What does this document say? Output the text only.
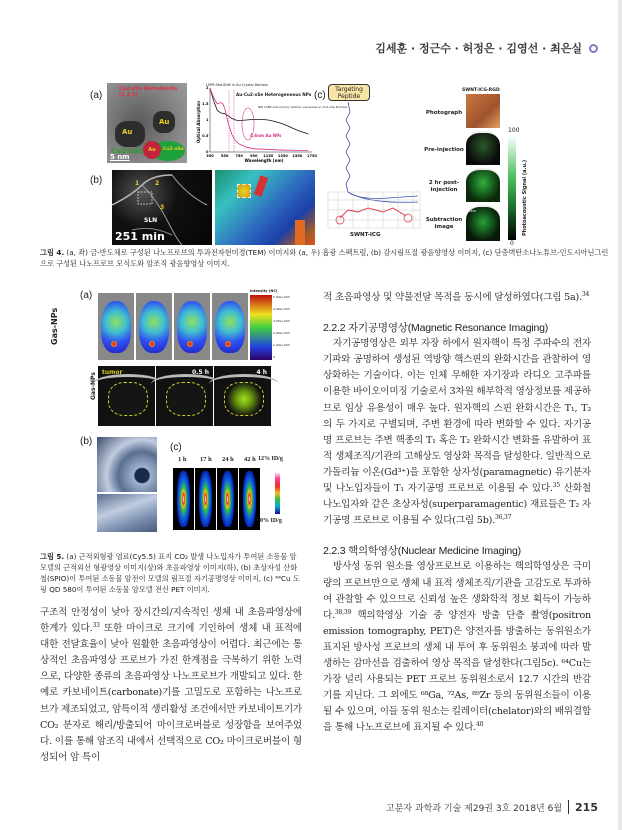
김세훈 · 정근수 · 허정은 · 김영선 · 최은실
(a)
Cu2-xSe Berzelianite [1,1,1]
Au
Au
Cu2-xSe	Au	Cu2-xSe
5 nm	350 550 750 950 1150 1350 1550 1750
0
0.5
1
1.5
2
LSPR Red-Shift in Au Crystal Domain
Au-Cu2-xSe Heterogeneous NPs
NIR LSPR induced by cationic vacancies in Cu2-xSe Domain
4.6nm Au NPs
Wavelength (nm)
Optical Absorption
(b)	1	2
3
SLN
251 min
(c)
Targeting Peptide
SWNT-ICG
SWNT-ICG-RGD
Photograph
Pre-injection
2 hr post-injection
Subtraction image
skin
100
0
Photoacoustic Signal (a.u.)
그림 4. (a, 좌) 금-반도체로 구성된 나노프로브의 투과전자현미경(TEM) 이미지와 (a, 우) 흡광 스펙트럼, (b) 감시림프절 광음향영상 이미지, (c) 단층벽탄소나노튜브-인도시아닌그린으로 구성된 나노프로브 모식도와 암조직 광음향영상 이미지.
(a)
Gas-NPs
Intensity (NC)
5.00e+003
4.00e+003
3.00e+003
2.00e+003
1.00e+003
0
Gas-NPs tumor	0.5 h	4 h
(b)
(c)
1 h 17 h 24 h 42 h 12% ID/g
0% ID/g
그림 5. (a) 근적외형광 염료(Cy5.5) 표지 CO₂ 발생 나노입자가 투여된 소동물 암모델의 근적외선 형광영상 이미지(상)와 초음파영상 이미지(하), (b) 초상자성 산화철(SPIO)이 투여된 소동물 암전이 모델의 림프절 자기공명영상 이미지, (c) ⁶⁴Cu 도핑 QD 580이 투여된 소동물 암모델 전신 PET 이미지.
구조적 안정성이 낮아 장시간의/지속적인 생체 내 초음파영상에 한계가 있다.$^{33}$ 또한 마이크로 크기에 기인하여 생체 내 표적에 대한 전달효율이 낮아 원활한 초음파영상이 어렵다. 최근에는 통상적인 초음파영상 프로브가 가진 한계점을 극복하기 위한 노력으로, 다양한 종류의 초음파영상 나노프로브가 개발되고 있다. 한 예로 카보네이트(carbonate)기를 고밀도로 포함하는 나노프로브가 제조되었고, 암특이적 생리활성 조건에서만 카보네이트기가 CO₂ 분자로 해리/방출되어 마이크로버블로 성장함을 보여주었다. 이를 통해 암조직 내에서 선택적으로 CO₂ 마이크로버블이 형성되어 암 특이
적 초음파영상 및 약물전달 목적을 동시에 달성하였다(그림 5a).$^{34}$
2.2.2 자기공명영상(Magnetic Resonance Imaging)

자기공명영상은 외부 자장 하에서 원자핵이 특정 주파수의 전자기파와 공명하여 생성된 역방향 핵스핀의 완화시간을 관찰하여 영상화하는 기술이다. 이는 인체 무해한 자기장과 라디오 고주파를 이용한 바이오이미징 기술로서 3차원 해부학적 영상정보를 제공하므로 임상 유용성이 매우 높다. 원자핵의 스핀 완화시간은 T₁, T₂의 두 가지로 구별되며, 주변 환경에 따라 변화할 수 있다. 자기공명 프로브는 주변 핵종의 T₁ 혹은 T₂ 완화시간 변화를 유발하여 표적 생체조직/기관의 고해상도 영상화 목적을 달성한다. 일반적으로 가돌리늄 이온(Gd³⁺)을 포함한 상자성(paramagnetic) 유기분자 및 나노입자들이 T₁ 자기공명 프로브로 이용될 수 있다.$^{35}$ 산화철 나노입자와 같은 초상자성(superparamagentic) 재료들은 T₂ 자기공명 프로브로 이용될 수 있다(그림 5b).$^{36,37}$

2.2.3 핵의학영상(Nuclear Medicine Imaging)

방사성 동위 원소를 영상프로브로 이용하는 핵의학영상은 극미량의 프로브만으로 생체 내 표적 생체조직/기관을 고감도로 투과하여 관찰할 수 있으므로 신뢰성 높은 생화학적 정보 획득이 가능하다.$^{38,39}$ 핵의학영상 기술 중 양전자 방출 단층 촬영(positron emission tomography, PET)은 양전자를 방출하는 동위원소가 표지된 방사성 프로브의 생체 내 투여 후 동위원소 붕괴에 따라 발생하는 감마선을 검출하여 영상 목적을 달성한다(그림5c). ⁶⁴Cu는 가장 널리 사용되는 PET 프로브 동위원소로서 12.7 시간의 반감기를 지닌다. 그 외에도 ⁶⁸Ga, ⁷²As, ⁸⁹Zr 등의 동위원소들이 이용될 수 있으며, 이들 동위 원소는 킬레이터(chelator)와의 배위결합을 통해 나노프로브에 표지될 수 있다.$^{40}$

고분자 과학과 기술 제29권 3호 2018년 6월 215
